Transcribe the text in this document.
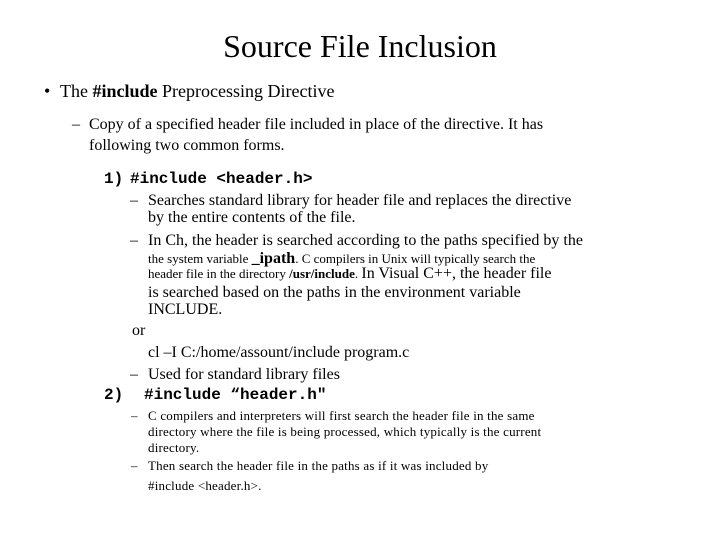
Source File Inclusion
• The #include Preprocessing Directive
– Copy of a specified header file included in place of the directive. It has
following two common forms.
1) #include <header.h>
– Searches standard library for header file and replaces the directive
by the entire contents of the file.
– In Ch, the header is searched according to the paths specified by the
the system variable _ipath. C compilers in Unix will typically search the
header file in the directory /usr/include. In Visual C++, the header file
is searched based on the paths in the environment variable
INCLUDE.
or
cl –I C:/home/assount/include program.c
– Used for standard library files
2) #include “header.h"
– C compilers and interpreters will first search the header file in the same
directory where the file is being processed, which typically is the current
directory.
– Then search the header file in the paths as if it was included by
#include <header.h>.
